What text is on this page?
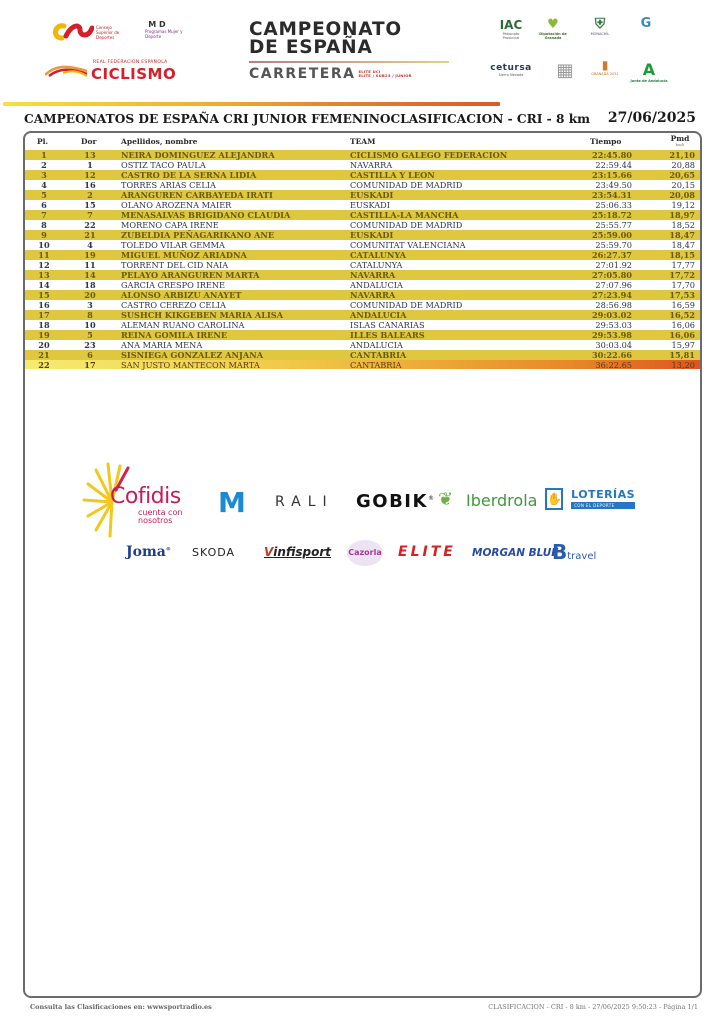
Consejo Superior de Deportes
M D
Programas Mujer y Deporte
REAL FEDERACIÓN ESPAÑOLA
CICLISMO
CAMPEONATO
DE ESPAÑA
CARRETERA ELITE UCI
ELITE / SUB23 / JÚNIOR
IAC
Patronato Provincial
♥
Diputación de Granada
⛨
MONACHIL
G
cetursa
Sierra Nevada	▦	▮
GRANADA 2031	A
Junta de Andalucía
CAMPEONATOS DE ESPAÑA CRI JUNIOR FEMENINOCLASIFICACION - CRI - 8 km 27/06/2025
Pl.	Dor	Apellidos, nombre	TEAM	Tiempo	Pmd
km/h
1	13	NEIRA DOMINGUEZ ALEJANDRA	CICLISMO GALEGO FEDERACION	22:45.80	21,10
2	1	OSTIZ TACO PAULA	NAVARRA	22:59.44	20,88
3	12	CASTRO DE LA SERNA LIDIA	CASTILLA Y LEON	23:15.66	20,65
4	16	TORRES ARIAS CELIA	COMUNIDAD DE MADRID	23:49.50	20,15
5	2	ARANGUREN CARBAYEDA IRATI	EUSKADI	23:54.31	20,08
6	15	OLANO AROZENA MAIER	EUSKADI	25:06.33	19,12
7	7	MENASALVAS BRIGIDANO CLAUDIA	CASTILLA-LA MANCHA	25:18.72	18,97
8	22	MORENO CAPA IRENE	COMUNIDAD DE MADRID	25:55.77	18,52
9	21	ZUBELDIA PEÑAGARIKANO ANE	EUSKADI	25:59.00	18,47
10	4	TOLEDO VILAR GEMMA	COMUNITAT VALENCIANA	25:59.70	18,47
11	19	MIGUEL MUÑOZ ARIADNA	CATALUNYA	26:27.37	18,15
12	11	TORRENT DEL CID NAIA	CATALUNYA	27:01.92	17,77
13	14	PELAYO ARANGUREN MARTA	NAVARRA	27:05.80	17,72
14	18	GARCIA CRESPO IRENE	ANDALUCIA	27:07.96	17,70
15	20	ALONSO ARBIZU ANAYET	NAVARRA	27:23.94	17,53
16	3	CASTRO CEREZO CELIA	COMUNIDAD DE MADRID	28:56.98	16,59
17	8	SUSHCH KIKGEBEN MARIA ALISA	ANDALUCIA	29:03.02	16,52
18	10	ALEMAN RUANO CAROLINA	ISLAS CANARIAS	29:53.03	16,06
19	5	REINA GOMILA IRENE	ILLES BALEARS	29:53.98	16,06
20	23	ANA MARIA MENA	ANDALUCIA	30:03.04	15,97
21	6	SISNIEGA GONZALEZ ANJANA	CANTABRIA	30:22.66	15,81
22	17	SAN JUSTO MANTECON MARTA	CANTABRIA	36:22.65	13,20
Cofidis
cuenta con
nosotros
M RALI GOBIK® ❦ Iberdrola ✋ LOTERÍAS
CON EL DEPORTE
Joma® SKODA Vinfisport Cazorla ELITE MORGAN BLUE
Btravel
Consulta las Clasificaciones en: wwwsportradio.es	CLASIFICACION - CRI - 8 km - 27/06/2025 9:50:23 - Página 1/1
